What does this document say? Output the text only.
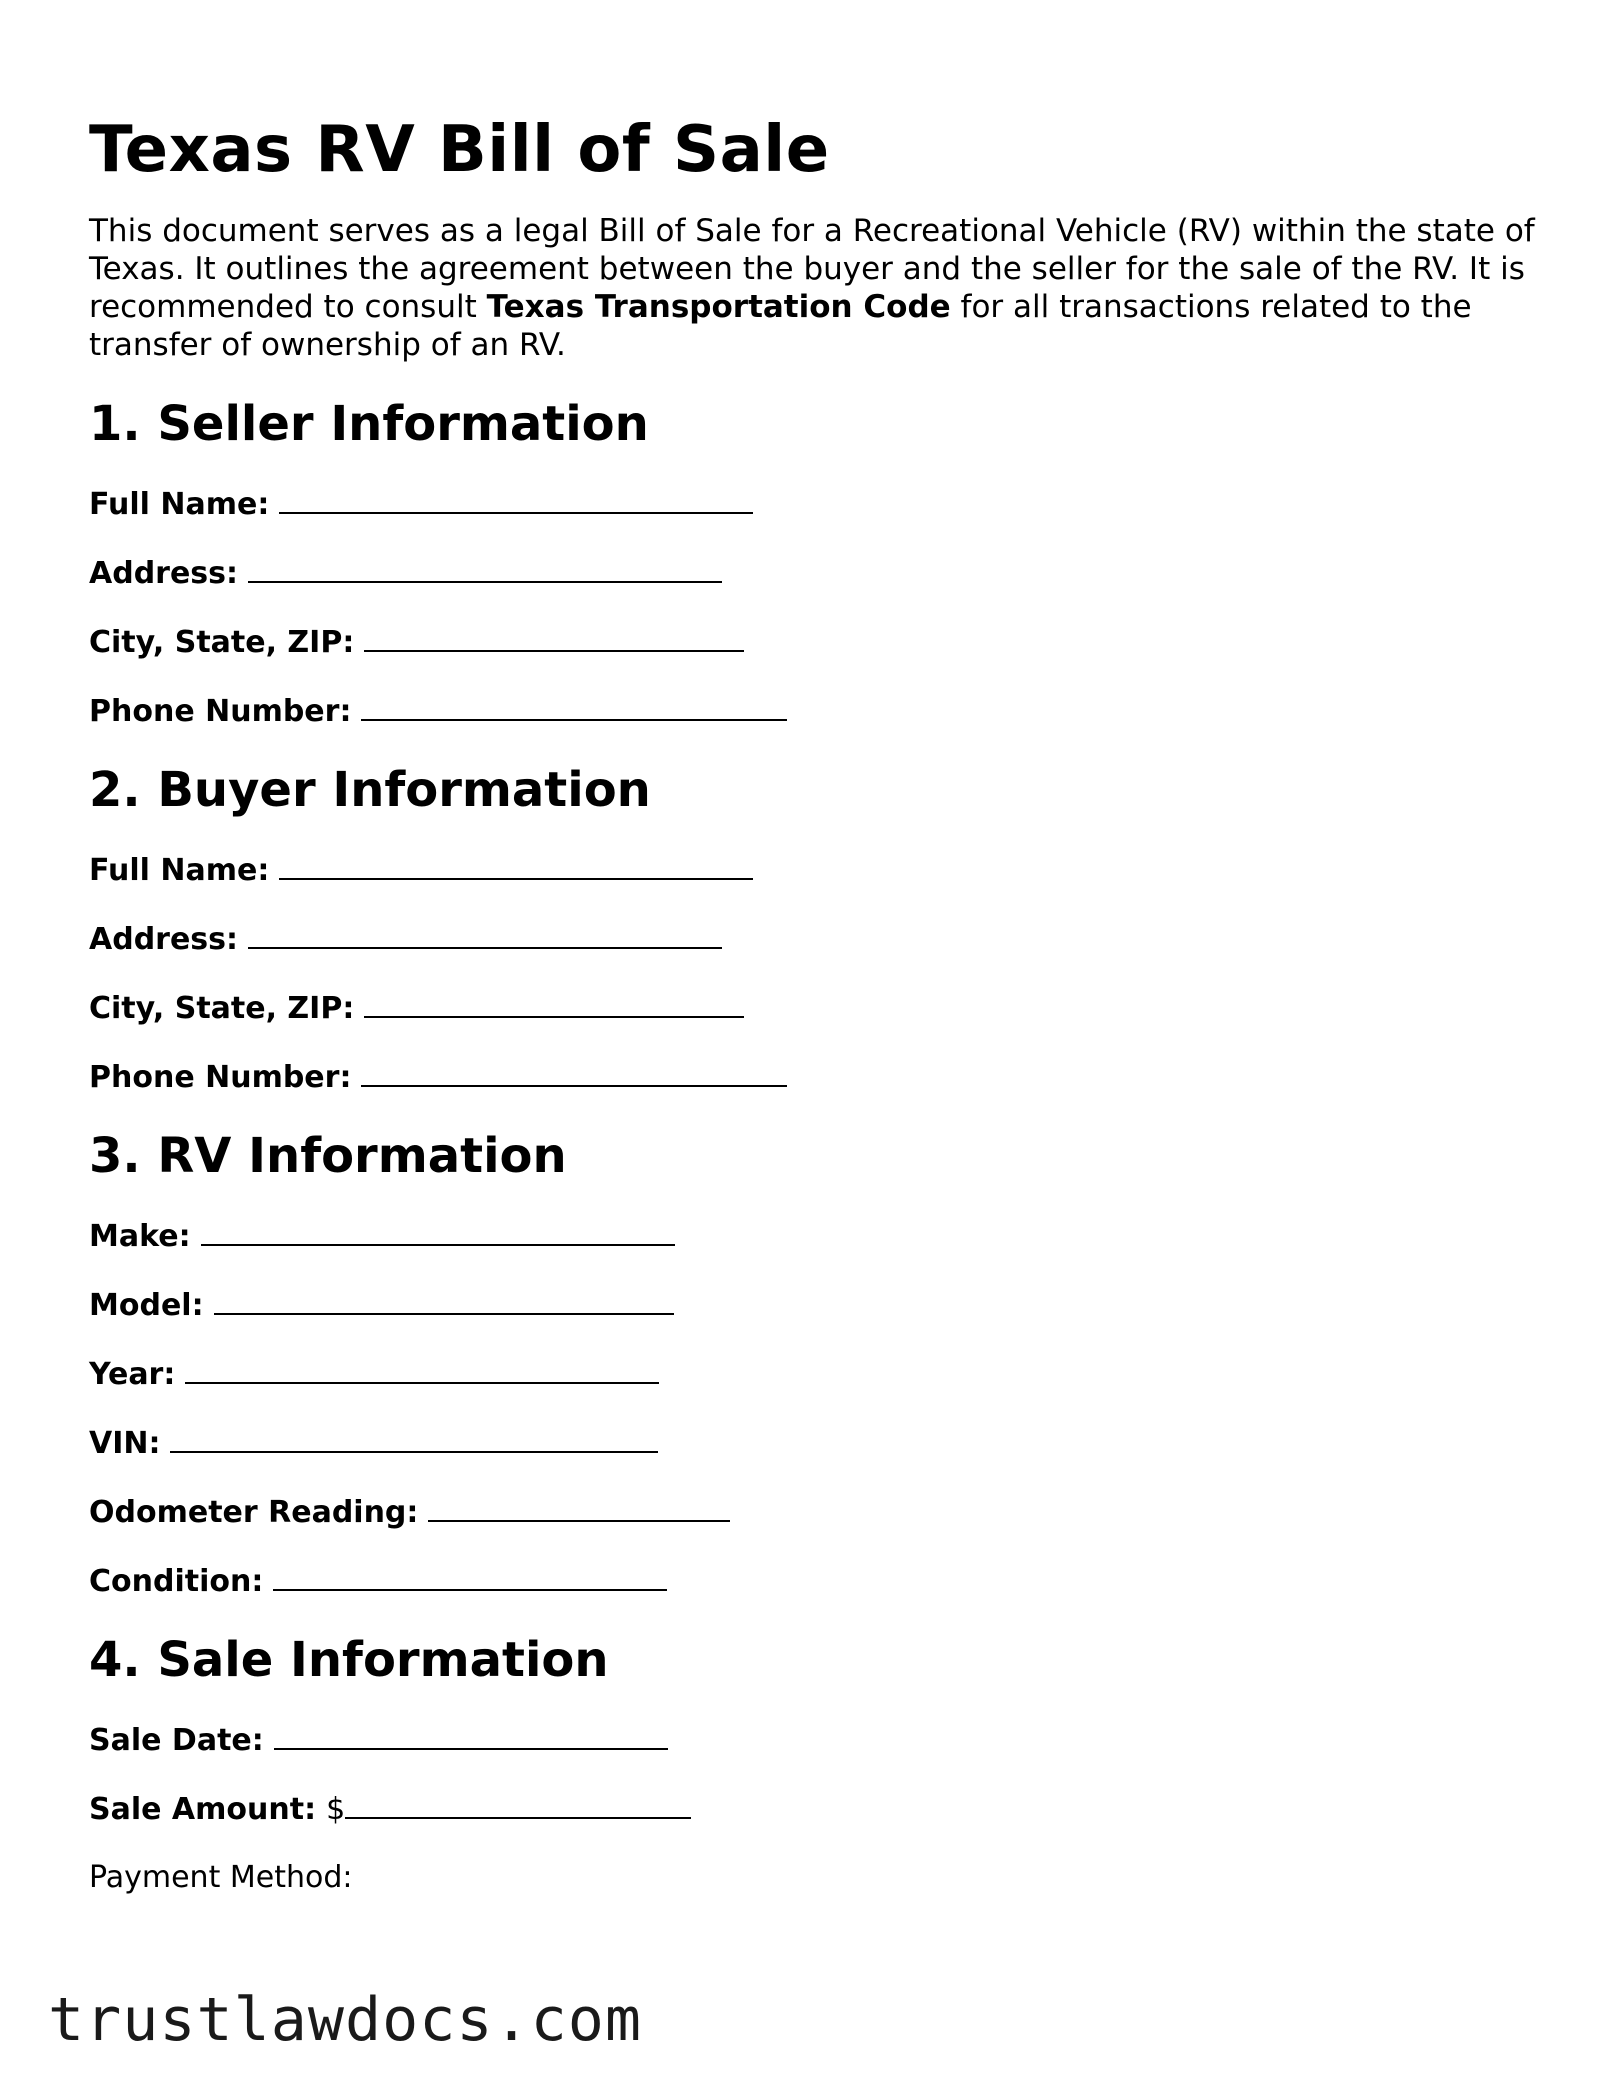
Texas RV Bill of Sale

This document serves as a legal Bill of Sale for a Recreational Vehicle (RV) within the state of Texas. It outlines the agreement between the buyer and the seller for the sale of the RV. It is recommended to consult Texas Transportation Code for all transactions related to the transfer of ownership of an RV.

1. Seller Information
Full Name:
Address:
City, State, ZIP:
Phone Number:
2. Buyer Information
Full Name:
Address:
City, State, ZIP:
Phone Number:
3. RV Information
Make:
Model:
Year:
VIN:
Odometer Reading:
Condition:
4. Sale Information
Sale Date:
Sale Amount: $
Payment Method:
trustlawdocs.com
